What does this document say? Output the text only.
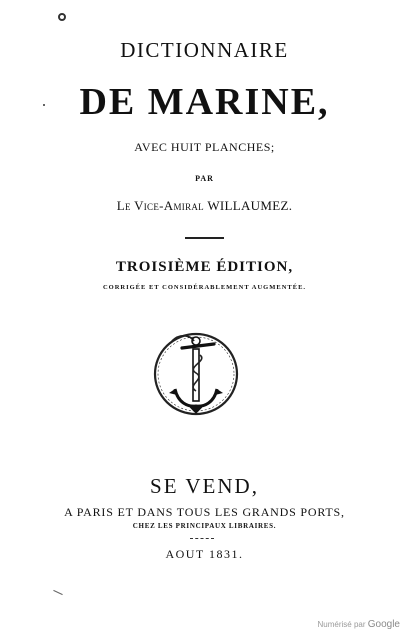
DICTIONNAIRE
DE MARINE,
AVEC HUIT PLANCHES;
PAR
Le Vice-Amiral WILLAUMEZ.
TROISIÈME ÉDITION,
CORRIGÉE ET CONSIDÉRABLEMENT AUGMENTÉE.
SE VEND,
A PARIS ET DANS TOUS LES GRANDS PORTS,
CHEZ LES PRINCIPAUX LIBRAIRES.
AOUT 1831.
Numérisé par Google
